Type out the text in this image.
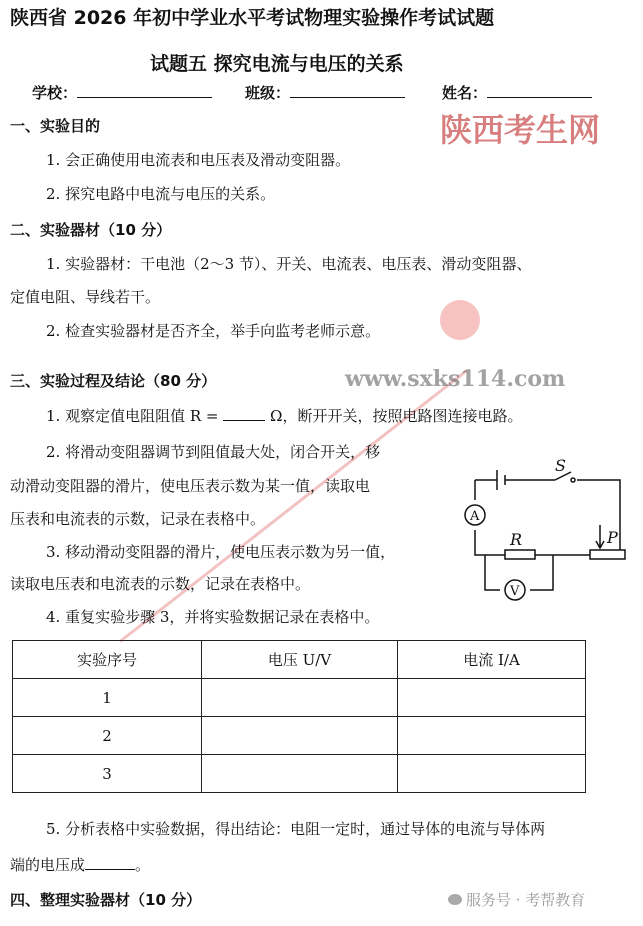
陕西省 2026 年初中学业水平考试物理实验操作考试试题
试题五 探究电流与电压的关系
学校：	班级：	姓名：
一、实验目的
1. 会正确使用电流表和电压表及滑动变阻器。
2. 探究电路中电流与电压的关系。
陕西考生网
二、实验器材（10 分）
1. 实验器材：干电池（2～3 节）、开关、电流表、电压表、滑动变阻器、
定值电阻、导线若干。
2. 检查实验器材是否齐全，举手向监考老师示意。
三、实验过程及结论（80 分）	www.sxks114.com
1. 观察定值电阻阻值 R =	Ω，断开开关，按照电路图连接电路。
2. 将滑动变阻器调节到阻值最大处，闭合开关，移
动滑动变阻器的滑片，使电压表示数为某一值，读取电
压表和电流表的示数，记录在表格中。
3. 移动滑动变阻器的滑片，使电压表示数为另一值，
读取电压表和电流表的示数，记录在表格中。
4. 重复实验步骤 3，并将实验数据记录在表格中。
S
R	P
A
V
实验序号	电压 U/V	电流 I/A
1		
2		
3		
5. 分析表格中实验数据，得出结论：电阻一定时，通过导体的电流与导体两
端的电压成	。
四、整理实验器材（10 分）	服务号 · 考帮教育
